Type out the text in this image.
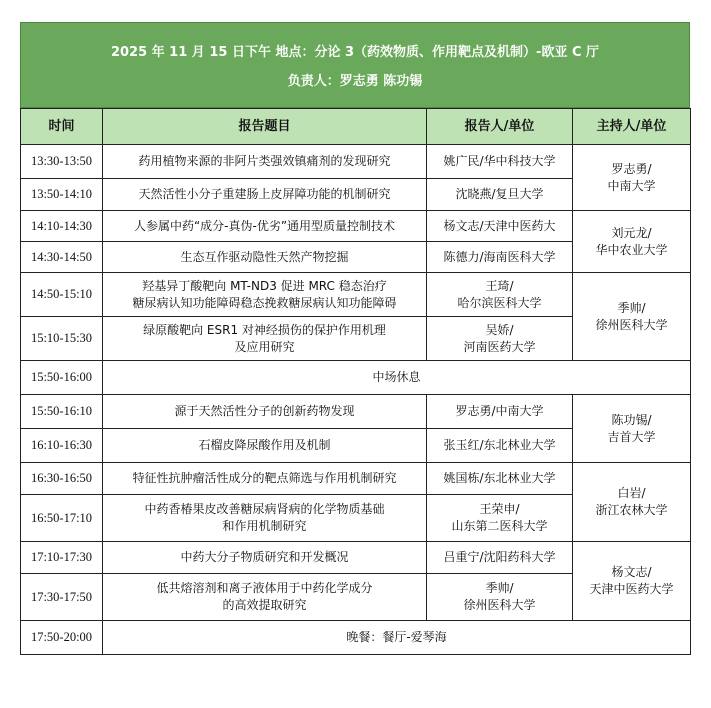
2025 年 11 月 15 日下午 地点：分论 3（药效物质、作用靶点及机制）-欧亚 C 厅
负责人：罗志勇 陈功锡
时间	报告题目	报告人/单位	主持人/单位
13:30-13:50	药用植物来源的非阿片类强效镇痛剂的发现研究	姚广民/华中科技大学	罗志勇/
中南大学

13:50-14:10	天然活性小分子重建肠上皮屏障功能的机制研究	沈晓燕/复旦大学	

14:10-14:30	人参属中药“成分-真伪-优劣”通用型质量控制技术	杨文志/天津中医药大	刘元龙/
华中农业大学

14:30-14:50	生态互作驱动隐性天然产物挖掘	陈德力/海南医科大学	

14:50-15:10	羟基异丁酸靶向 MT-ND3 促进 MRC 稳态治疗
糖尿病认知功能障碍稳态挽救糖尿病认知功能障碍	王琦/
哈尔滨医科大学	季帅/
徐州医科大学

15:10-15:30	绿原酸靶向 ESR1 对神经损伤的保护作用机理
及应用研究	吴娇/
河南医药大学	

15:50-16:00	中场休息		
15:50-16:10	源于天然活性分子的创新药物发现	罗志勇/中南大学	陈功锡/
吉首大学

16:10-16:30	石榴皮降尿酸作用及机制	张玉红/东北林业大学	

16:30-16:50	特征性抗肿瘤活性成分的靶点筛选与作用机制研究	姚国栋/东北林业大学	白岩/
浙江农林大学

16:50-17:10	中药香椿果皮改善糖尿病肾病的化学物质基础
和作用机制研究	王荣申/
山东第二医科大学	

17:10-17:30	中药大分子物质研究和开发概况	吕重宁/沈阳药科大学	杨文志/
天津中医药大学

17:30-17:50	低共熔溶剂和离子液体用于中药化学成分
的高效提取研究	季帅/
徐州医科大学	

17:50-20:00	晚餐：餐厅-爱琴海		
